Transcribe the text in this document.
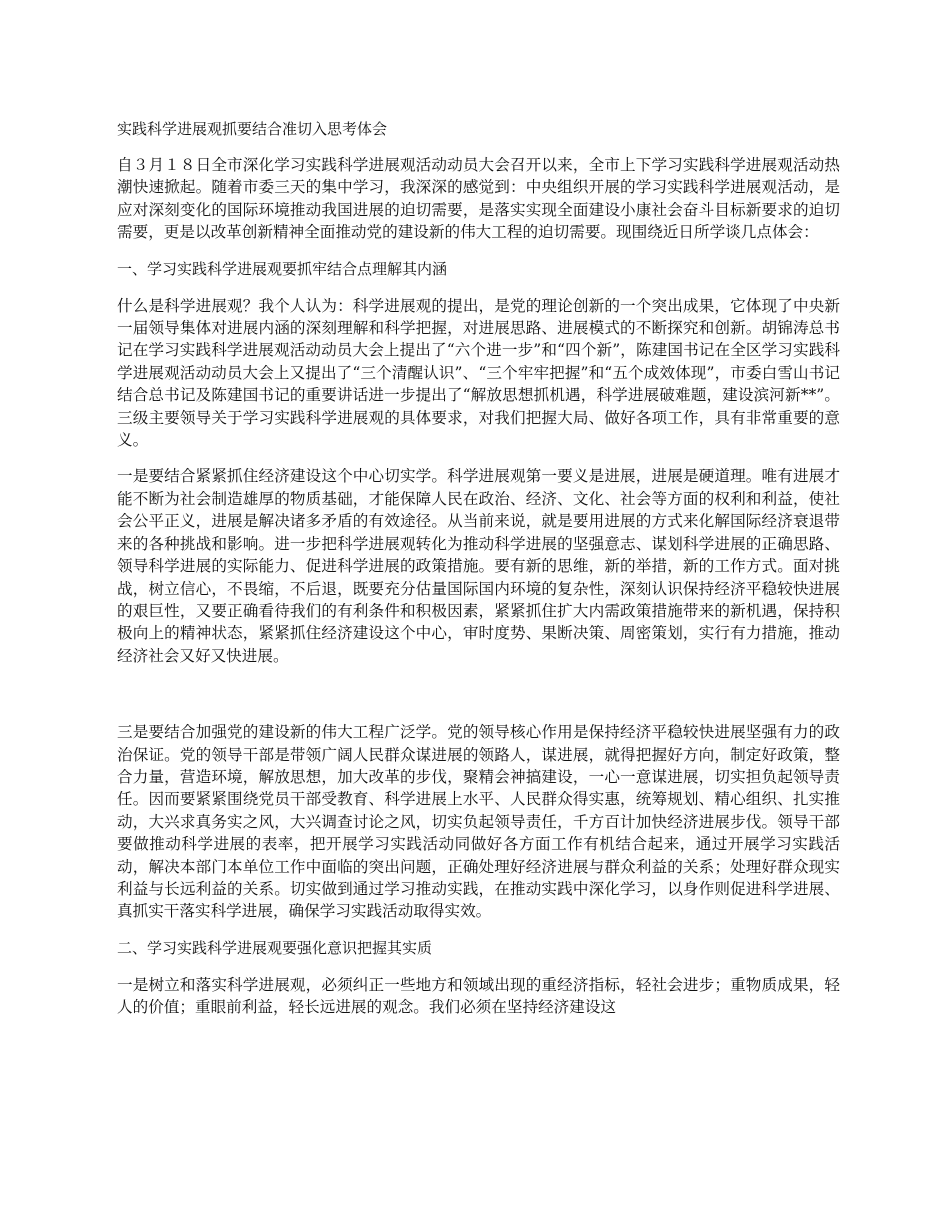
实践科学进展观抓要结合准切入思考体会
自３月１８日全市深化学习实践科学进展观活动动员大会召开以来，全市上下学习实践科学进展观活动热潮快速掀起。随着市委三天的集中学习，我深深的感觉到：中央组织开展的学习实践科学进展观活动，是应对深刻变化的国际环境推动我国进展的迫切需要，是落实实现全面建设小康社会奋斗目标新要求的迫切需要，更是以改革创新精神全面推动党的建设新的伟大工程的迫切需要。现围绕近日所学谈几点体会：
一、学习实践科学进展观要抓牢结合点理解其内涵
什么是科学进展观？我个人认为：科学进展观的提出，是党的理论创新的一个突出成果，它体现了中央新一届领导集体对进展内涵的深刻理解和科学把握，对进展思路、进展模式的不断探究和创新。胡锦涛总书记在学习实践科学进展观活动动员大会上提出了“六个进一步”和“四个新”，陈建国书记在全区学习实践科学进展观活动动员大会上又提出了“三个清醒认识”、“三个牢牢把握”和“五个成效体现”，市委白雪山书记结合总书记及陈建国书记的重要讲话进一步提出了“解放思想抓机遇，科学进展破难题，建设滨河新**”。三级主要领导关于学习实践科学进展观的具体要求，对我们把握大局、做好各项工作，具有非常重要的意义。
一是要结合紧紧抓住经济建设这个中心切实学。科学进展观第一要义是进展，进展是硬道理。唯有进展才能不断为社会制造雄厚的物质基础，才能保障人民在政治、经济、文化、社会等方面的权利和利益，使社会公平正义，进展是解决诸多矛盾的有效途径。从当前来说，就是要用进展的方式来化解国际经济衰退带来的各种挑战和影响。进一步把科学进展观转化为推动科学进展的坚强意志、谋划科学进展的正确思路、领导科学进展的实际能力、促进科学进展的政策措施。要有新的思维，新的举措，新的工作方式。面对挑战，树立信心，不畏缩，不后退，既要充分估量国际国内环境的复杂性，深刻认识保持经济平稳较快进展的艰巨性，又要正确看待我们的有利条件和积极因素，紧紧抓住扩大内需政策措施带来的新机遇，保持积极向上的精神状态，紧紧抓住经济建设这个中心，审时度势、果断决策、周密策划，实行有力措施，推动经济社会又好又快进展。
三是要结合加强党的建设新的伟大工程广泛学。党的领导核心作用是保持经济平稳较快进展坚强有力的政治保证。党的领导干部是带领广阔人民群众谋进展的领路人，谋进展，就得把握好方向，制定好政策，整合力量，营造环境，解放思想，加大改革的步伐，聚精会神搞建设，一心一意谋进展，切实担负起领导责任。因而要紧紧围绕党员干部受教育、科学进展上水平、人民群众得实惠，统筹规划、精心组织、扎实推动，大兴求真务实之风，大兴调查讨论之风，切实负起领导责任，千方百计加快经济进展步伐。领导干部要做推动科学进展的表率，把开展学习实践活动同做好各方面工作有机结合起来，通过开展学习实践活动，解决本部门本单位工作中面临的突出问题，正确处理好经济进展与群众利益的关系；处理好群众现实利益与长远利益的关系。切实做到通过学习推动实践，在推动实践中深化学习，以身作则促进科学进展、真抓实干落实科学进展，确保学习实践活动取得实效。
二、学习实践科学进展观要强化意识把握其实质
一是树立和落实科学进展观，必须纠正一些地方和领域出现的重经济指标，轻社会进步；重物质成果，轻人的价值；重眼前利益，轻长远进展的观念。我们必须在坚持经济建设这
